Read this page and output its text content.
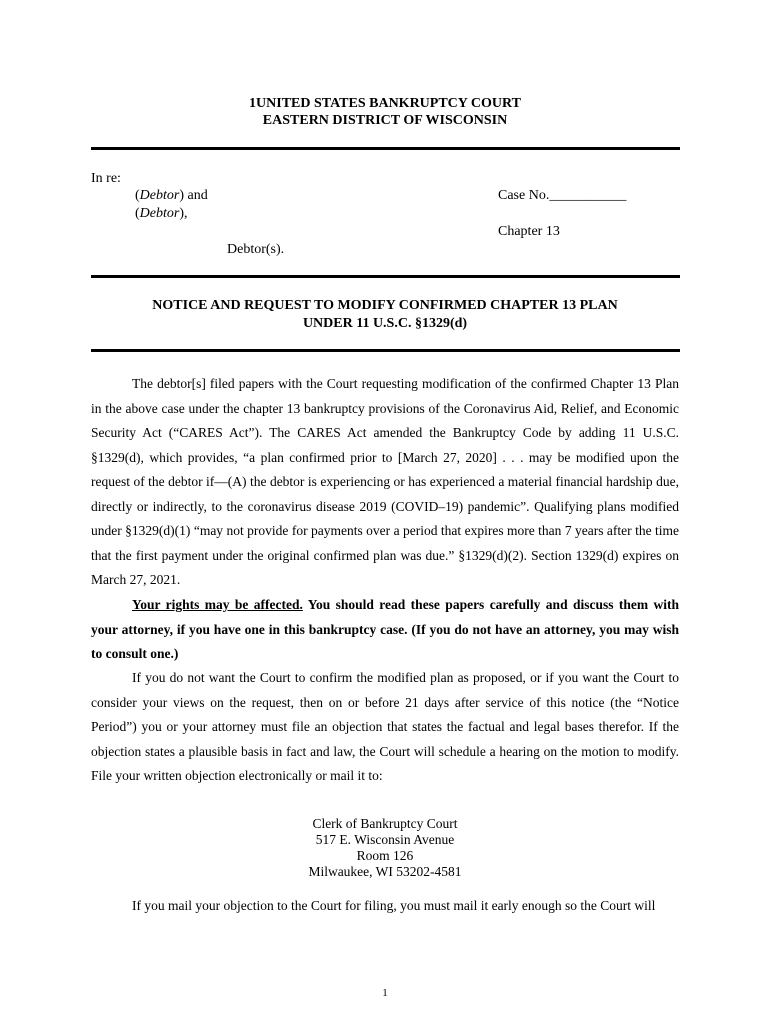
1UNITED STATES BANKRUPTCY COURT
EASTERN DISTRICT OF WISCONSIN
In re:
(Debtor) and
(Debtor),
Debtor(s).
Case No.___________
Chapter 13
NOTICE AND REQUEST TO MODIFY CONFIRMED CHAPTER 13 PLAN
UNDER 11 U.S.C. §1329(d)

The debtor[s] filed papers with the Court requesting modification of the confirmed Chapter 13 Plan in the above case under the chapter 13 bankruptcy provisions of the Coronavirus Aid, Relief, and Economic Security Act (“CARES Act”). The CARES Act amended the Bankruptcy Code by adding 11 U.S.C. §1329(d), which provides, “a plan confirmed prior to [March 27, 2020] . . . may be modified upon the request of the debtor if—(A) the debtor is experiencing or has experienced a material financial hardship due, directly or indirectly, to the coronavirus disease 2019 (COVID–19) pandemic”. Qualifying plans modified under §1329(d)(1) “may not provide for payments over a period that expires more than 7 years after the time that the first payment under the original confirmed plan was due.” §1329(d)(2). Section 1329(d) expires on March 27, 2021.

Your rights may be affected. You should read these papers carefully and discuss them with your attorney, if you have one in this bankruptcy case. (If you do not have an attorney, you may wish to consult one.)

If you do not want the Court to confirm the modified plan as proposed, or if you want the Court to consider your views on the request, then on or before 21 days after service of this notice (the “Notice Period”) you or your attorney must file an objection that states the factual and legal bases therefor. If the objection states a plausible basis in fact and law, the Court will schedule a hearing on the motion to modify. File your written objection electronically or mail it to:

Clerk of Bankruptcy Court
517 E. Wisconsin Avenue
Room 126
Milwaukee, WI 53202-4581

If you mail your objection to the Court for filing, you must mail it early enough so the Court will

1
